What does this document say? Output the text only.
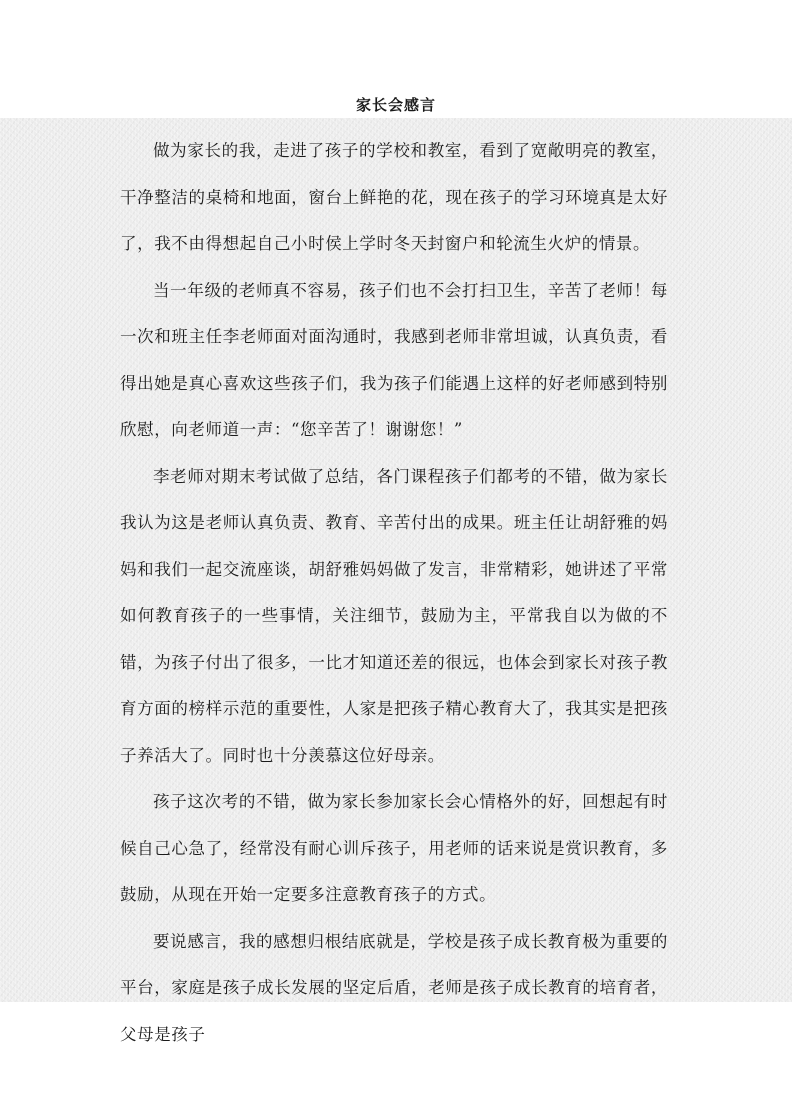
家长会感言

做为家长的我，走进了孩子的学校和教室，看到了宽敞明亮的教室，干净整洁的桌椅和地面，窗台上鲜艳的花，现在孩子的学习环境真是太好了，我不由得想起自己小时侯上学时冬天封窗户和轮流生火炉的情景。

当一年级的老师真不容易，孩子们也不会打扫卫生，辛苦了老师！每一次和班主任李老师面对面沟通时，我感到老师非常坦诚，认真负责，看得出她是真心喜欢这些孩子们，我为孩子们能遇上这样的好老师感到特别欣慰，向老师道一声：“您辛苦了！谢谢您！”

李老师对期末考试做了总结，各门课程孩子们都考的不错，做为家长我认为这是老师认真负责、教育、辛苦付出的成果。班主任让胡舒雅的妈妈和我们一起交流座谈，胡舒雅妈妈做了发言，非常精彩，她讲述了平常如何教育孩子的一些事情，关注细节，鼓励为主，平常我自以为做的不错，为孩子付出了很多，一比才知道还差的很远，也体会到家长对孩子教育方面的榜样示范的重要性，人家是把孩子精心教育大了，我其实是把孩子养活大了。同时也十分羡慕这位好母亲。

孩子这次考的不错，做为家长参加家长会心情格外的好，回想起有时候自己心急了，经常没有耐心训斥孩子，用老师的话来说是赏识教育，多鼓励，从现在开始一定要多注意教育孩子的方式。

要说感言，我的感想归根结底就是，学校是孩子成长教育极为重要的平台，家庭是孩子成长发展的坚定后盾，老师是孩子成长教育的培育者，父母是孩子
